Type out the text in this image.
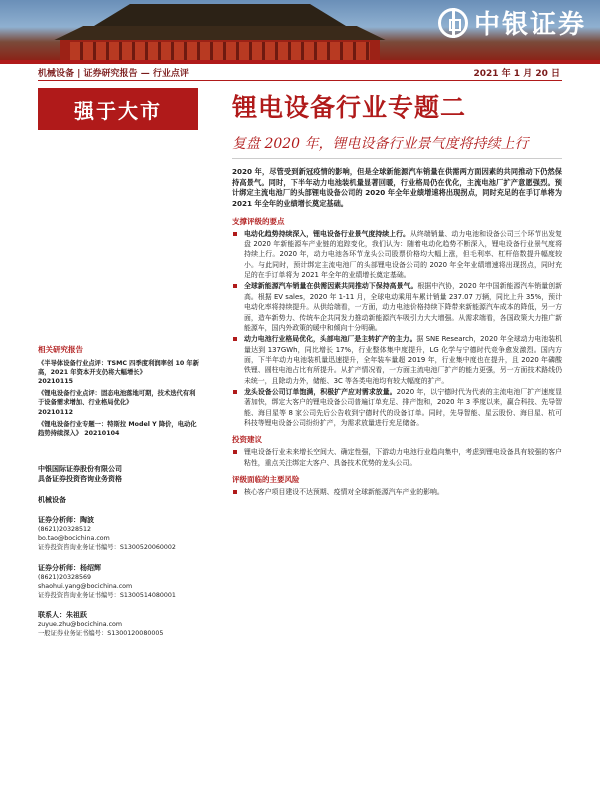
中银证券
机械设备 | 证券研究报告 — 行业点评	2021 年 1 月 20 日
强于大市	锂电设备行业专题二
复盘 2020 年，锂电设备行业景气度将持续上行
相关研究报告
《半导体设备行业点评：TSMC 四季度利润率创 10 年新高，2021 年资本开支仍将大幅增长》
20210115
《锂电设备行业点评：固态电池落地可期，技术迭代有利于设备需求增加、行业格局优化》
20210112
《锂电设备行业专题一：特斯拉 Model Y 降价，电动化趋势持续深入》 20210104
中银国际证券股份有限公司
具备证券投资咨询业务资格
机械设备
证券分析师：陶波
(8621)20328512
bo.tao@bocichina.com
证券投资咨询业务证书编号：S1300520060002
证券分析师：杨绍辉
(8621)20328569
shaohui.yang@bocichina.com
证券投资咨询业务证书编号：S1300514080001
联系人：朱祖跃
zuyue.zhu@bocichina.com
一般证券业务证书编号：S1300120080005

2020 年，尽管受到新冠疫情的影响，但是全球新能源汽车销量在供需两方面因素的共同推动下仍然保持高景气。同时，下半年动力电池装机量显著回暖，行业格局仍在优化，主流电池厂扩产意愿强烈。预计绑定主流电池厂的头部锂电设备公司的 2020 年全年业绩增速将出现拐点，同时充足的在手订单将为 2021 年全年的业绩增长奠定基础。

支撑评级的要点
电动化趋势持续深入，锂电设备行业景气度持续上行。从终端销量、动力电池和设备公司三个环节出发复盘 2020 年新能源车产业链的追踪变化，我们认为：随着电动化趋势不断深入，锂电设备行业景气度将持续上行。2020 年，动力电池各环节龙头公司股票价格均大幅上涨，但毛利率、杠杆倍数提升幅度较小。与此同时，预计绑定主流电池厂的头部锂电设备公司的 2020 年全年业绩增速将出现拐点，同时充足的在手订单将为 2021 年全年的业绩增长奠定基础。
全球新能源汽车销量在供需因素共同推动下保持高景气。根据中汽协，2020 年中国新能源汽车销量创新高。根据 EV sales，2020 年 1-11 月，全球电动乘用车累计销量 237.07 万辆，同比上升 35%，预计电动化率将持续提升。从供给端看，一方面，动力电池价格持续下降带来新能源汽车成本的降低，另一方面，造车新势力、传统车企共同发力推动新能源汽车吸引力大大增强。从需求端看，各国政策大力推广新能源车，国内外政策的暖中和倾向十分明确。
动力电池行业格局优化，头部电池厂是主转扩产的主力。据 SNE Research，2020 年全球动力电池装机量达到 137GWh，同比增长 17%，行业整体集中度提升，LG 化学与宁德时代竞争愈发激烈。国内方面，下半年动力电池装机量迅速提升，全年装车量超 2019 年，行业集中度也在提升，且 2020 年磷酸铁锂、圆柱电池占比有所提升。从扩产情况看，一方面主流电池厂扩产的能力更强，另一方面技术路线仍未统一，且除动力外，储能、3C 等各类电池均有较大幅度的扩产。
龙头设备公司订单饱满，积极扩产应对需求放量。2020 年，以宁德时代为代表的主流电池厂扩产速度显著加快，绑定大客户的锂电设备公司普遍订单充足、排产饱和，2020 年 3 季度以来，赢合科技、先导智能、海目星等 8 家公司先后公告收到宁德时代的设备订单。同时，先导智能、星云股份、海目星、杭可科技等锂电设备公司纷纷扩产，为需求放量进行充足储备。
投资建议
锂电设备行业未来增长空间大、确定性强，下游动力电池行业趋向集中，考虑到锂电设备具有较强的客户粘性，重点关注绑定大客户、具备技术优势的龙头公司。
评级面临的主要风险
核心客户项目建设不达预期、疫情对全球新能源汽车产业的影响。
